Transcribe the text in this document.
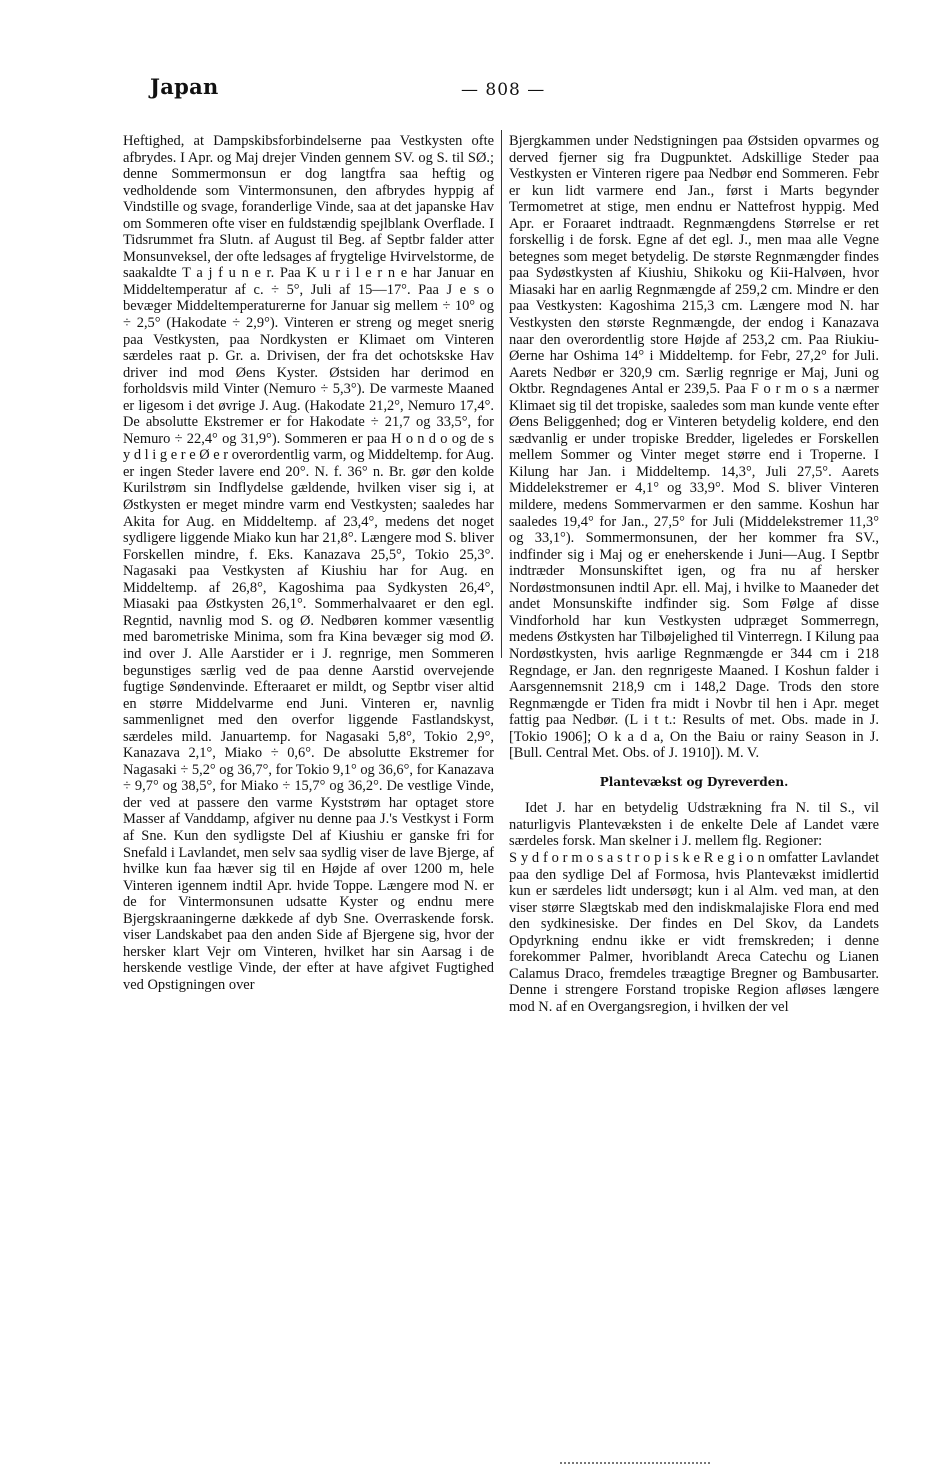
Japan	— 808 —

Heftighed, at Dampskibsforbindelserne paa Vestkysten ofte afbrydes. I Apr. og Maj drejer Vinden gennem SV. og S. til SØ.; denne Sommermonsun er dog langtfra saa heftig og vedholdende som Vintermonsunen, den afbrydes hyppig af Vindstille og svage, foranderlige Vinde, saa at det japanske Hav om Sommeren ofte viser en fuldstændig spejlblank Overflade. I Tidsrummet fra Slutn. af August til Beg. af Septbr falder atter Monsunveksel, der ofte ledsages af frygtelige Hvirvelstorme, de saakaldte T a j f u n e r. Paa K u r i l e r n e har Januar en Middeltemperatur af c. ÷ 5°, Juli af 15—17°. Paa J e s o bevæger Middeltemperaturerne for Januar sig mellem ÷ 10° og ÷ 2,5° (Hakodate ÷ 2,9°). Vinteren er streng og meget snerig paa Vestkysten, paa Nordkysten er Klimaet om Vinteren særdeles raat p. Gr. a. Drivisen, der fra det ochotskske Hav driver ind mod Øens Kyster. Østsiden har derimod en forholdsvis mild Vinter (Nemuro ÷ 5,3°). De varmeste Maaned er ligesom i det øvrige J. Aug. (Hakodate 21,2°, Nemuro 17,4°. De absolutte Ekstremer er for Hakodate ÷ 21,7 og 33,5°, for Nemuro ÷ 22,4° og 31,9°). Sommeren er paa H o n d o og de s y d l i g e r e Ø e r overordentlig varm, og Middeltemp. for Aug. er ingen Steder lavere end 20°. N. f. 36° n. Br. gør den kolde Kurilstrøm sin Indflydelse gældende, hvilken viser sig i, at Østkysten er meget mindre varm end Vestkysten; saaledes har Akita for Aug. en Middeltemp. af 23,4°, medens det noget sydligere liggende Miako kun har 21,8°. Længere mod S. bliver Forskellen mindre, f. Eks. Kanazava 25,5°, Tokio 25,3°. Nagasaki paa Vestkysten af Kiushiu har for Aug. en Middeltemp. af 26,8°, Kagoshima paa Sydkysten 26,4°, Miasaki paa Østkysten 26,1°. Sommerhalvaaret er den egl. Regntid, navnlig mod S. og Ø. Nedbøren kommer væsentlig med barometriske Minima, som fra Kina bevæger sig mod Ø. ind over J. Alle Aarstider er i J. regnrige, men Sommeren begunstiges særlig ved de paa denne Aarstid overvejende fugtige Søndenvinde. Efteraaret er mildt, og Septbr viser altid en større Middelvarme end Juni. Vinteren er, navnlig sammenlignet med den overfor liggende Fastlandskyst, særdeles mild. Januartemp. for Nagasaki 5,8°, Tokio 2,9°, Kanazava 2,1°, Miako ÷ 0,6°. De absolutte Ekstremer for Nagasaki ÷ 5,2° og 36,7°, for Tokio 9,1° og 36,6°, for Kanazava ÷ 9,7° og 38,5°, for Miako ÷ 15,7° og 36,2°. De vestlige Vinde, der ved at passere den varme Kyststrøm har optaget store Masser af Vanddamp, afgiver nu denne paa J.'s Vestkyst i Form af Sne. Kun den sydligste Del af Kiushiu er ganske fri for Snefald i Lavlandet, men selv saa sydlig viser de lave Bjerge, af hvilke kun faa hæver sig til en Højde af over 1200 m, hele Vinteren igennem indtil Apr. hvide Toppe. Længere mod N. er de for Vintermonsunen udsatte Kyster og endnu mere Bjergskraaningerne dækkede af dyb Sne. Overraskende forsk. viser Landskabet paa den anden Side af Bjergene sig, hvor der hersker klart Vejr om Vinteren, hvilket har sin Aarsag i de herskende vestlige Vinde, der efter at have afgivet Fugtighed ved Opstigningen over

Bjergkammen under Nedstigningen paa Østsiden opvarmes og derved fjerner sig fra Dugpunktet. Adskillige Steder paa Vestkysten er Vinteren rigere paa Nedbør end Sommeren. Febr er kun lidt varmere end Jan., først i Marts begynder Termometret at stige, men endnu er Nattefrost hyppig. Med Apr. er Foraaret indtraadt. Regnmængdens Størrelse er ret forskellig i de forsk. Egne af det egl. J., men maa alle Vegne betegnes som meget betydelig. De største Regnmængder findes paa Sydøstkysten af Kiushiu, Shikoku og Kii-Halvøen, hvor Miasaki har en aarlig Regnmængde af 259,2 cm. Mindre er den paa Vestkysten: Kagoshima 215,3 cm. Længere mod N. har Vestkysten den største Regnmængde, der endog i Kanazava naar den overordentlig store Højde af 253,2 cm. Paa Riukiu-Øerne har Oshima 14° i Middeltemp. for Febr, 27,2° for Juli. Aarets Nedbør er 320,9 cm. Særlig regnrige er Maj, Juni og Oktbr. Regndagenes Antal er 239,5. Paa F o r m o s a nærmer Klimaet sig til det tropiske, saaledes som man kunde vente efter Øens Beliggenhed; dog er Vinteren betydelig koldere, end den sædvanlig er under tropiske Bredder, ligeledes er Forskellen mellem Sommer og Vinter meget større end i Troperne. I Kilung har Jan. i Middeltemp. 14,3°, Juli 27,5°. Aarets Middelekstremer er 4,1° og 33,9°. Mod S. bliver Vinteren mildere, medens Sommervarmen er den samme. Koshun har saaledes 19,4° for Jan., 27,5° for Juli (Middelekstremer 11,3° og 33,1°). Sommermonsunen, der her kommer fra SV., indfinder sig i Maj og er eneherskende i Juni—Aug. I Septbr indtræder Monsunskiftet igen, og fra nu af hersker Nordøstmonsunen indtil Apr. ell. Maj, i hvilke to Maaneder det andet Monsunskifte indfinder sig. Som Følge af disse Vindforhold har kun Vestkysten udpræget Sommerregn, medens Østkysten har Tilbøjelighed til Vinterregn. I Kilung paa Nordøstkysten, hvis aarlige Regnmængde er 344 cm i 218 Regndage, er Jan. den regnrigeste Maaned. I Koshun falder i Aarsgennemsnit 218,9 cm i 148,2 Dage. Trods den store Regnmængde er Tiden fra midt i Novbr til hen i Apr. meget fattig paa Nedbør. (L i t t.: Results of met. Obs. made in J. [Tokio 1906]; O k a d a, On the Baiu or rainy Season in J. [Bull. Central Met. Obs. of J. 1910]). M. V.

Plantevækst og Dyreverden.

Idet J. har en betydelig Udstrækning fra N. til S., vil naturligvis Plantevæksten i de enkelte Dele af Landet være særdeles forsk. Man skelner i J. mellem flg. Regioner:

S y d f o r m o s a s t r o p i s k e R e g i o n omfatter Lavlandet paa den sydlige Del af Formosa, hvis Plantevækst imidlertid kun er særdeles lidt undersøgt; kun i al Alm. ved man, at den viser større Slægtskab med den indiskmalajiske Flora end med den sydkinesiske. Der findes en Del Skov, da Landets Opdyrkning endnu ikke er vidt fremskreden; i denne forekommer Palmer, hvoriblandt Areca Catechu og Lianen Calamus Draco, fremdeles træagtige Bregner og Bambusarter. Denne i strengere Forstand tropiske Region afløses længere mod N. af en Overgangsregion, i hvilken der vel
